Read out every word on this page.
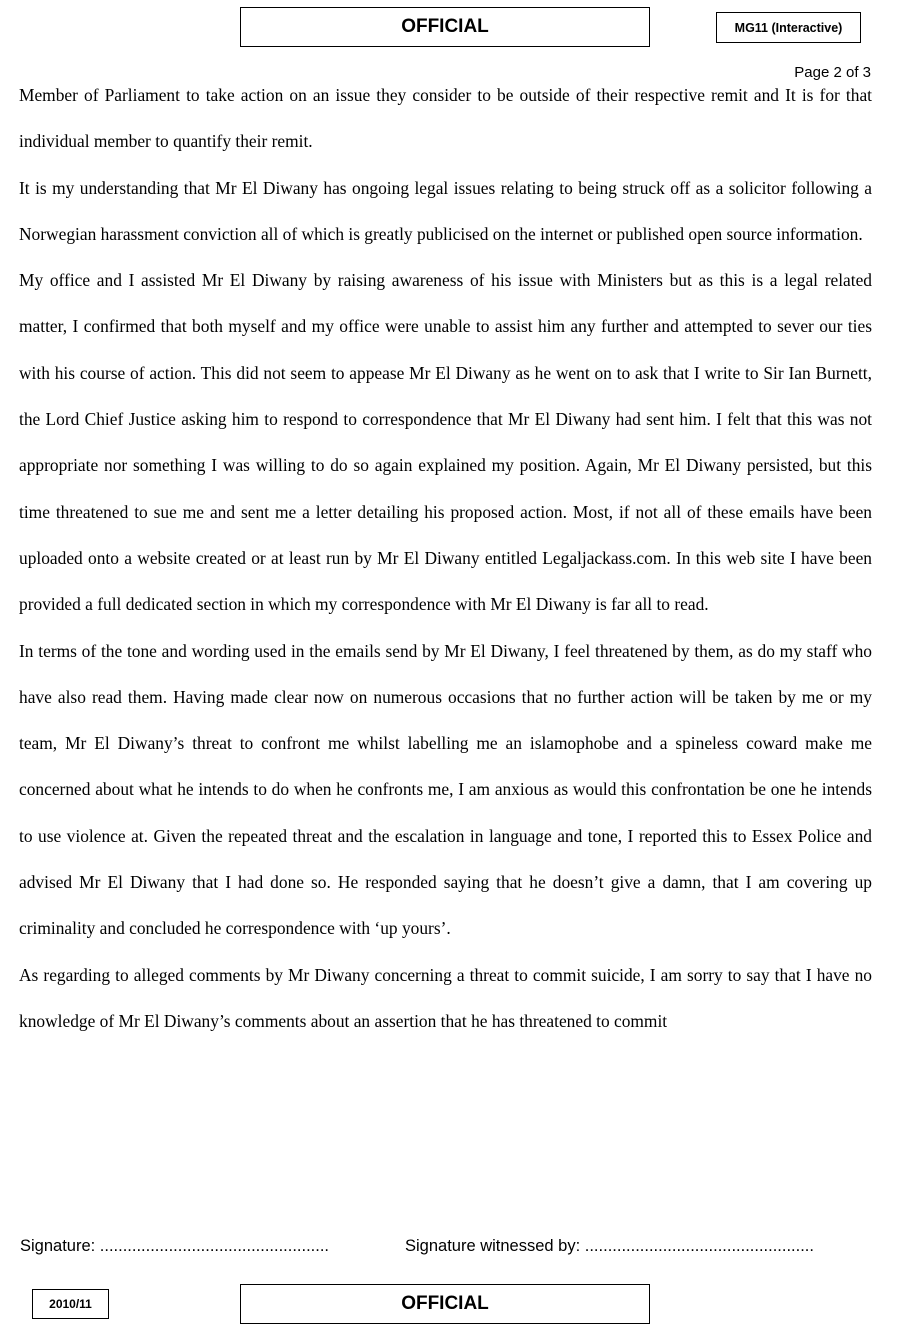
OFFICIAL	MG11 (Interactive)
Page 2 of 3

Member of Parliament to take action on an issue they consider to be outside of their respective remit and It is for that individual member to quantify their remit.

It is my understanding that Mr El Diwany has ongoing legal issues relating to being struck off as a solicitor following a Norwegian harassment conviction all of which is greatly publicised on the internet or published open source information.

My office and I assisted Mr El Diwany by raising awareness of his issue with Ministers but as this is a legal related matter, I confirmed that both myself and my office were unable to assist him any further and attempted to sever our ties with his course of action. This did not seem to appease Mr El Diwany as he went on to ask that I write to Sir Ian Burnett, the Lord Chief Justice asking him to respond to correspondence that Mr El Diwany had sent him. I felt that this was not appropriate nor something I was willing to do so again explained my position. Again, Mr El Diwany persisted, but this time threatened to sue me and sent me a letter detailing his proposed action. Most, if not all of these emails have been uploaded onto a website created or at least run by Mr El Diwany entitled Legaljackass.com. In this web site I have been provided a full dedicated section in which my correspondence with Mr El Diwany is far all to read.

In terms of the tone and wording used in the emails send by Mr El Diwany, I feel threatened by them, as do my staff who have also read them. Having made clear now on numerous occasions that no further action will be taken by me or my team, Mr El Diwany’s threat to confront me whilst labelling me an islamophobe and a spineless coward make me concerned about what he intends to do when he confronts me, I am anxious as would this confrontation be one he intends to use violence at. Given the repeated threat and the escalation in language and tone, I reported this to Essex Police and advised Mr El Diwany that I had done so. He responded saying that he doesn’t give a damn, that I am covering up criminality and concluded he correspondence with ‘up yours’.

As regarding to alleged comments by Mr Diwany concerning a threat to commit suicide, I am sorry to say that I have no knowledge of Mr El Diwany’s comments about an assertion that he has threatened to commit

Signature: ..................................................	Signature witnessed by: ..................................................
2010/11	OFFICIAL
